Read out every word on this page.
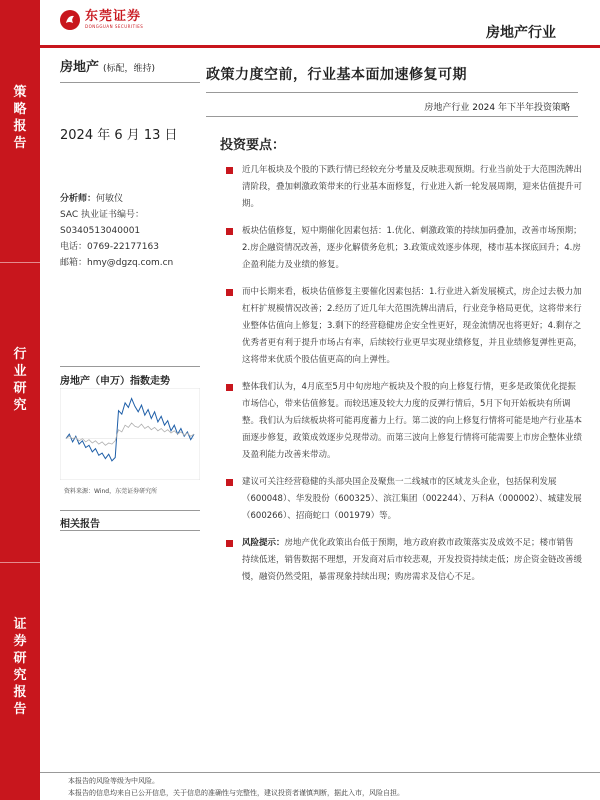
策
略
报
告
行
业
研
究
证
券
研
究
报
告
东莞证券
DONGGUAN SECURITIES	房地产行业
房地产 (标配，维持)
2024 年 6 月 13 日
分析师：何敏仪
SAC 执业证书编号：
S0340513040001
电话：0769-22177163
邮箱：hmy@dgzq.com.cn
房地产（申万）指数走势
资料来源：Wind，东莞证券研究所
相关报告
政策力度空前，行业基本面加速修复可期
房地产行业 2024 年下半年投资策略
投资要点：
近几年板块及个股的下跌行情已经较充分考量及反映悲观预期。行业当前处于大范围洗牌出清阶段，叠加刺激政策带来的行业基本面修复，行业进入新一轮发展周期，迎来估值提升可期。
板块估值修复，短中期催化因素包括：1.优化、刺激政策的持续加码叠加，改善市场预期；2.房企融资情况改善，逐步化解债务危机；3.政策成效逐步体现，楼市基本探底回升；4.房企盈利能力及业绩的修复。
而中长期来看，板块估值修复主要催化因素包括：1.行业进入新发展模式，房企过去极力加杠杆扩规模情况改善；2.经历了近几年大范围洗牌出清后，行业竞争格局更优，这将带来行业整体估值向上修复；3.剩下的经营稳健房企安全性更好，现金流情况也将更好；4.剩存之优秀者更有利于提升市场占有率，后续较行业更早实现业绩修复，并且业绩修复弹性更高，这将带来优质个股估值更高的向上弹性。
整体我们认为，4月底至5月中旬房地产板块及个股的向上修复行情，更多是政策优化提振市场信心，带来估值修复。而较迅速及较大力度的反弹行情后，5月下旬开始板块有所调整。我们认为后续板块将可能再度蓄力上行。第二波的向上修复行情将可能是地产行业基本面逐步修复，政策成效逐步兑现带动。而第三波向上修复行情将可能需要上市房企整体业绩及盈利能力改善来带动。
建议可关注经营稳健的头部央国企及聚焦一二线城市的区域龙头企业，包括保利发展（600048）、华发股份（600325）、滨江集团（002244）、万科A（000002）、城建发展（600266）、招商蛇口（001979）等。
风险提示：房地产优化政策出台低于预期，地方政府救市政策落实及成效不足；楼市销售持续低迷，销售数据不理想，开发商对后市较悲观，开发投资持续走低；房企资金链改善缓慢，融资仍然受阻，暴雷现象持续出现；购房需求及信心不足。

本报告的风险等级为中风险。

本报告的信息均来自已公开信息，关于信息的准确性与完整性，建议投资者谨慎判断，据此入市，风险自担。
